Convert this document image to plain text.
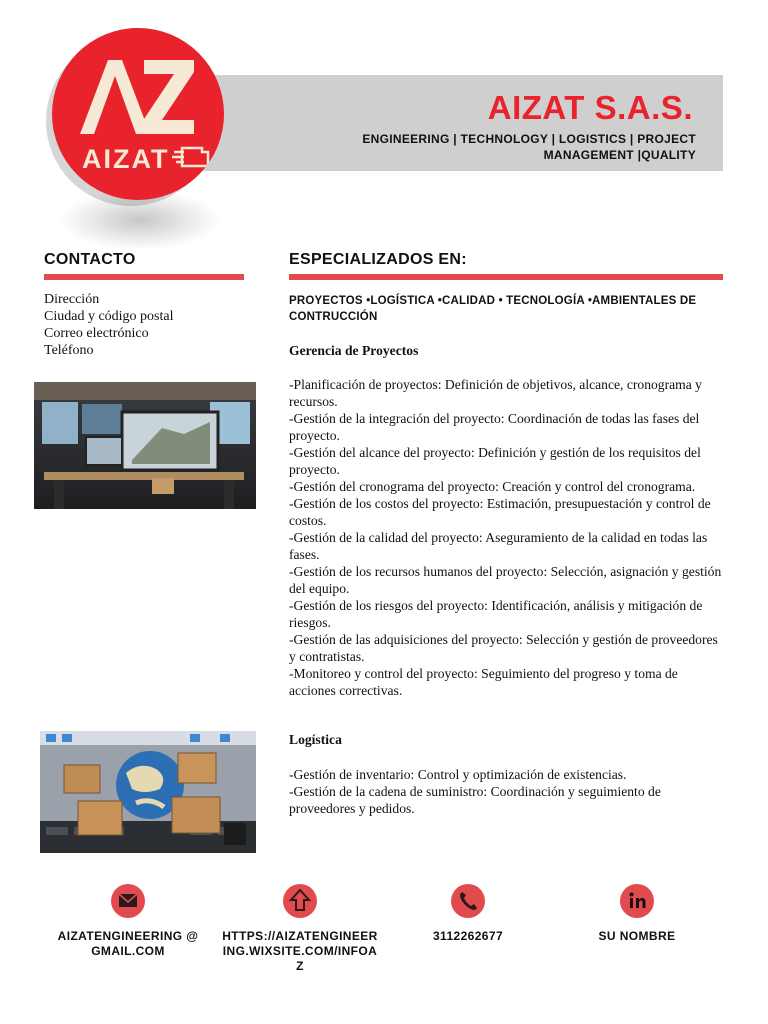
AIZAT S.A.S.
ENGINEERING | TECHNOLOGY | LOGISTICS | PROJECT MANAGEMENT |QUALITY
AIZAT
CONTACTO
Dirección
Ciudad y código postal
Correo electrónico
Teléfono
ESPECIALIZADOS EN:
PROYECTOS •LOGÍSTICA •CALIDAD • TECNOLOGÍA •AMBIENTALES DE CONTRUCCIÓN
Gerencia de Proyectos
-Planificación de proyectos: Definición de objetivos, alcance, cronograma y recursos.
-Gestión de la integración del proyecto: Coordinación de todas las fases del proyecto.
-Gestión del alcance del proyecto: Definición y gestión de los requisitos del proyecto.
-Gestión del cronograma del proyecto: Creación y control del cronograma.
-Gestión de los costos del proyecto: Estimación, presupuestación y control de costos.
-Gestión de la calidad del proyecto: Aseguramiento de la calidad en todas las fases.
-Gestión de los recursos humanos del proyecto: Selección, asignación y gestión del equipo.
-Gestión de los riesgos del proyecto: Identificación, análisis y mitigación de riesgos.
-Gestión de las adquisiciones del proyecto: Selección y gestión de proveedores y contratistas.
-Monitoreo y control del proyecto: Seguimiento del progreso y toma de acciones correctivas.
Logística
-Gestión de inventario: Control y optimización de existencias.
-Gestión de la cadena de suministro: Coordinación y seguimiento de proveedores y pedidos.
AIZATENGINEERING @GMAIL.COM
HTTPS://AIZATENGINEERING.WIXSITE.COM/INFOAZ
3112262677	SU NOMBRE
